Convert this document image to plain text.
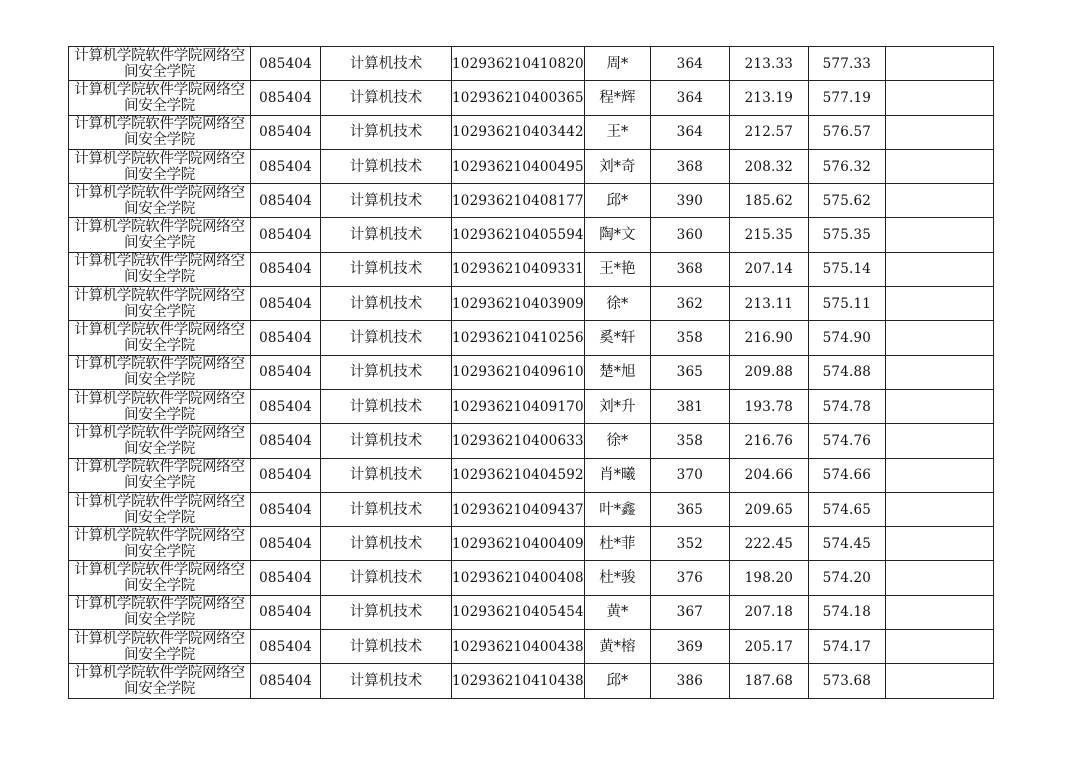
计算机学院软件学院网络空间安全学院	085404	计算机技术	102936210410820	周*	364	213.33	577.33	
计算机学院软件学院网络空间安全学院	085404	计算机技术	102936210400365	程*辉	364	213.19	577.19	
计算机学院软件学院网络空间安全学院	085404	计算机技术	102936210403442	王*	364	212.57	576.57	
计算机学院软件学院网络空间安全学院	085404	计算机技术	102936210400495	刘*奇	368	208.32	576.32	
计算机学院软件学院网络空间安全学院	085404	计算机技术	102936210408177	邱*	390	185.62	575.62	
计算机学院软件学院网络空间安全学院	085404	计算机技术	102936210405594	陶*文	360	215.35	575.35	
计算机学院软件学院网络空间安全学院	085404	计算机技术	102936210409331	王*艳	368	207.14	575.14	
计算机学院软件学院网络空间安全学院	085404	计算机技术	102936210403909	徐*	362	213.11	575.11	
计算机学院软件学院网络空间安全学院	085404	计算机技术	102936210410256	奚*轩	358	216.90	574.90	
计算机学院软件学院网络空间安全学院	085404	计算机技术	102936210409610	楚*旭	365	209.88	574.88	
计算机学院软件学院网络空间安全学院	085404	计算机技术	102936210409170	刘*升	381	193.78	574.78	
计算机学院软件学院网络空间安全学院	085404	计算机技术	102936210400633	徐*	358	216.76	574.76	
计算机学院软件学院网络空间安全学院	085404	计算机技术	102936210404592	肖*曦	370	204.66	574.66	
计算机学院软件学院网络空间安全学院	085404	计算机技术	102936210409437	叶*鑫	365	209.65	574.65	
计算机学院软件学院网络空间安全学院	085404	计算机技术	102936210400409	杜*菲	352	222.45	574.45	
计算机学院软件学院网络空间安全学院	085404	计算机技术	102936210400408	杜*骏	376	198.20	574.20	
计算机学院软件学院网络空间安全学院	085404	计算机技术	102936210405454	黄*	367	207.18	574.18	
计算机学院软件学院网络空间安全学院	085404	计算机技术	102936210400438	黄*榕	369	205.17	574.17	
计算机学院软件学院网络空间安全学院	085404	计算机技术	102936210410438	邱*	386	187.68	573.68	
